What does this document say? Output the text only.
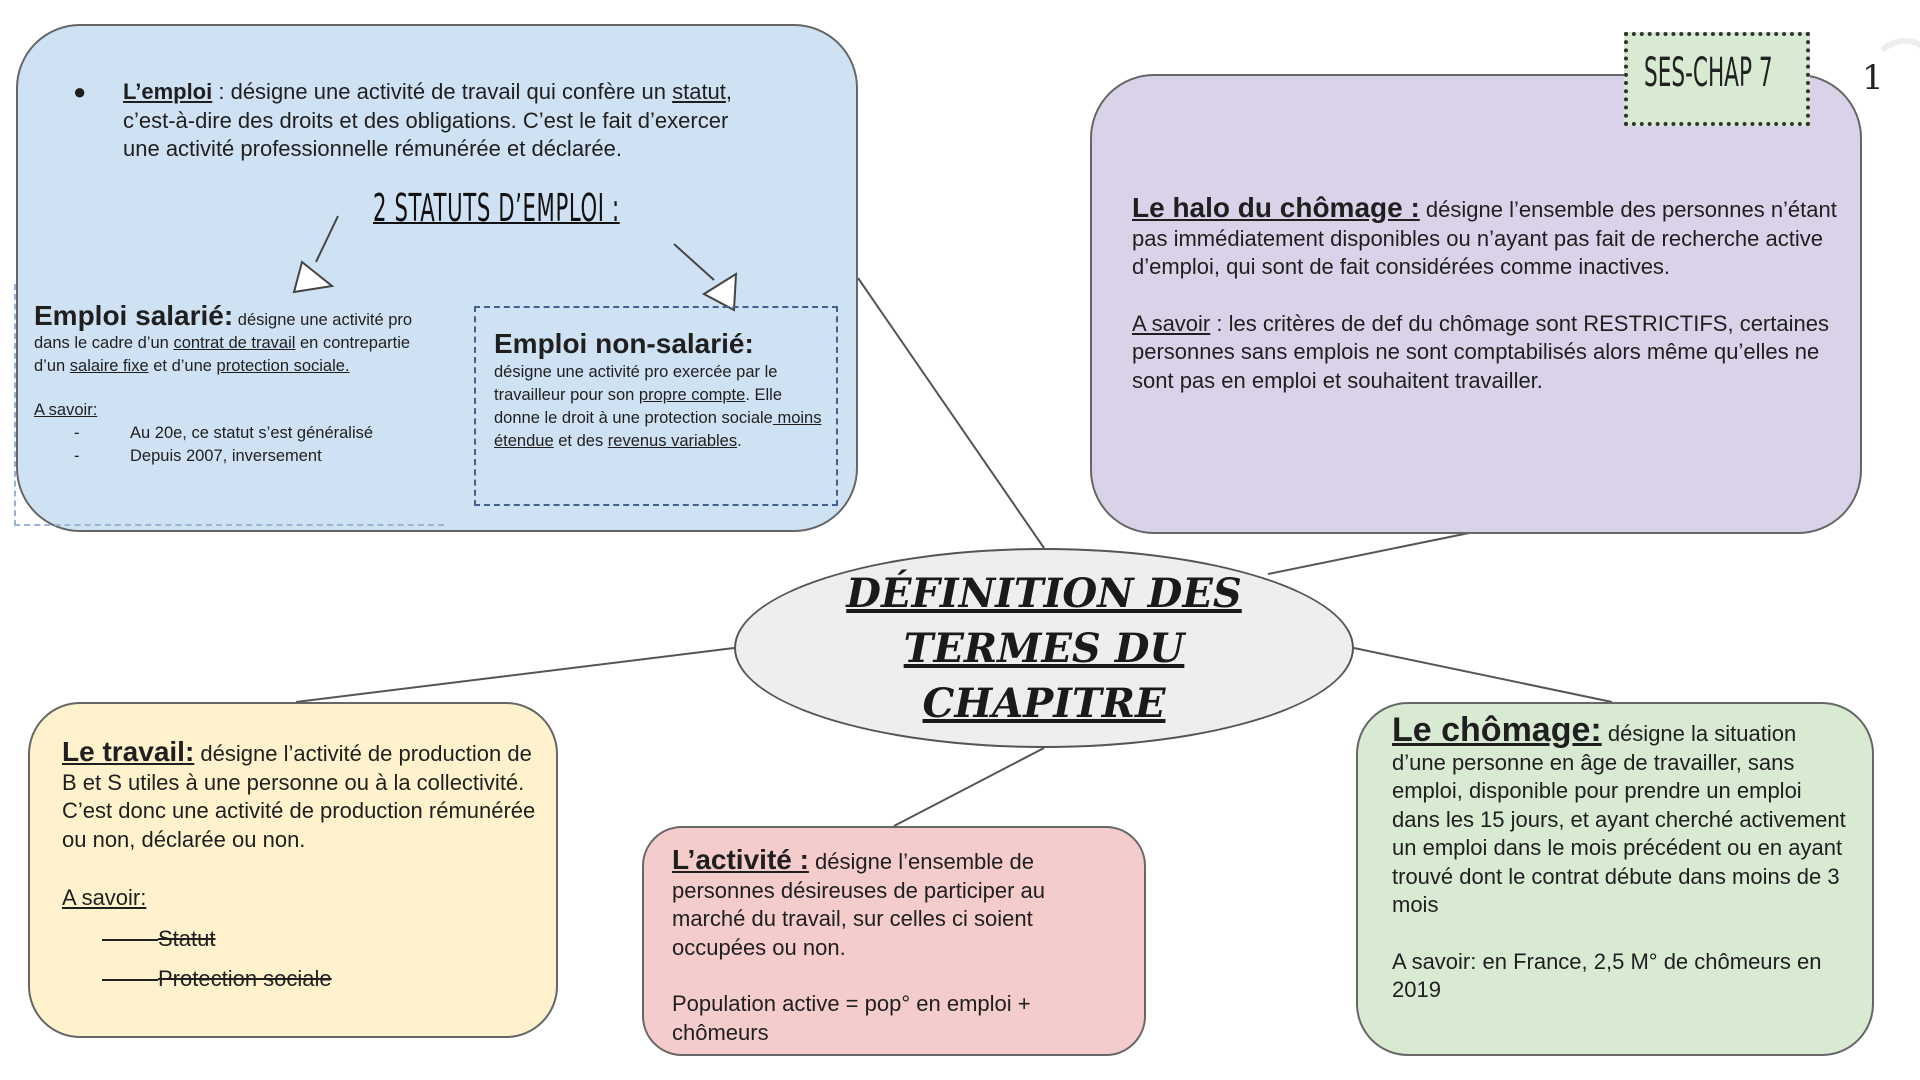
● L’emploi : désigne une activité de travail qui confère un statut, c’est-à-dire des droits et des obligations. C’est le fait d’exercer une activité professionnelle rémunérée et déclarée.
2 STATUTS D’EMPLOI :
Emploi salarié: désigne une activité pro dans le cadre d’un contrat de travail en contrepartie d’un salaire fixe et d’une protection sociale.
A savoir:
- Au 20e, ce statut s’est généralisé
- Depuis 2007, inversement
Emploi non-salarié:
désigne une activité pro exercée par le travailleur pour son propre compte. Elle donne le droit à une protection sociale moins étendue et des revenus variables.
Le halo du chômage : désigne l’ensemble des personnes n’étant pas immédiatement disponibles ou n’ayant pas fait de recherche active d’emploi, qui sont de fait considérées comme inactives.
A savoir : les critères de def du chômage sont RESTRICTIFS, certaines personnes sans emplois ne sont comptabilisés alors même qu’elles ne sont pas en emploi et souhaitent travailler.
SES-CHAP 7	1
DÉFINITION DES
TERMES DU
CHAPITRE
Le travail: désigne l’activité de production de B et S utiles à une personne ou à la collectivité. C’est donc une activité de production rémunérée ou non, déclarée ou non.
A savoir:
Statut
Protection sociale
L’activité : désigne l’ensemble de personnes désireuses de participer au marché du travail, sur celles ci soient occupées ou non.
Population active = pop° en emploi + chômeurs
Le chômage: désigne la situation d’une personne en âge de travailler, sans emploi, disponible pour prendre un emploi dans les 15 jours, et ayant cherché activement un emploi dans le mois précédent ou en ayant trouvé dont le contrat débute dans moins de 3 mois
A savoir: en France, 2,5 M° de chômeurs en 2019
